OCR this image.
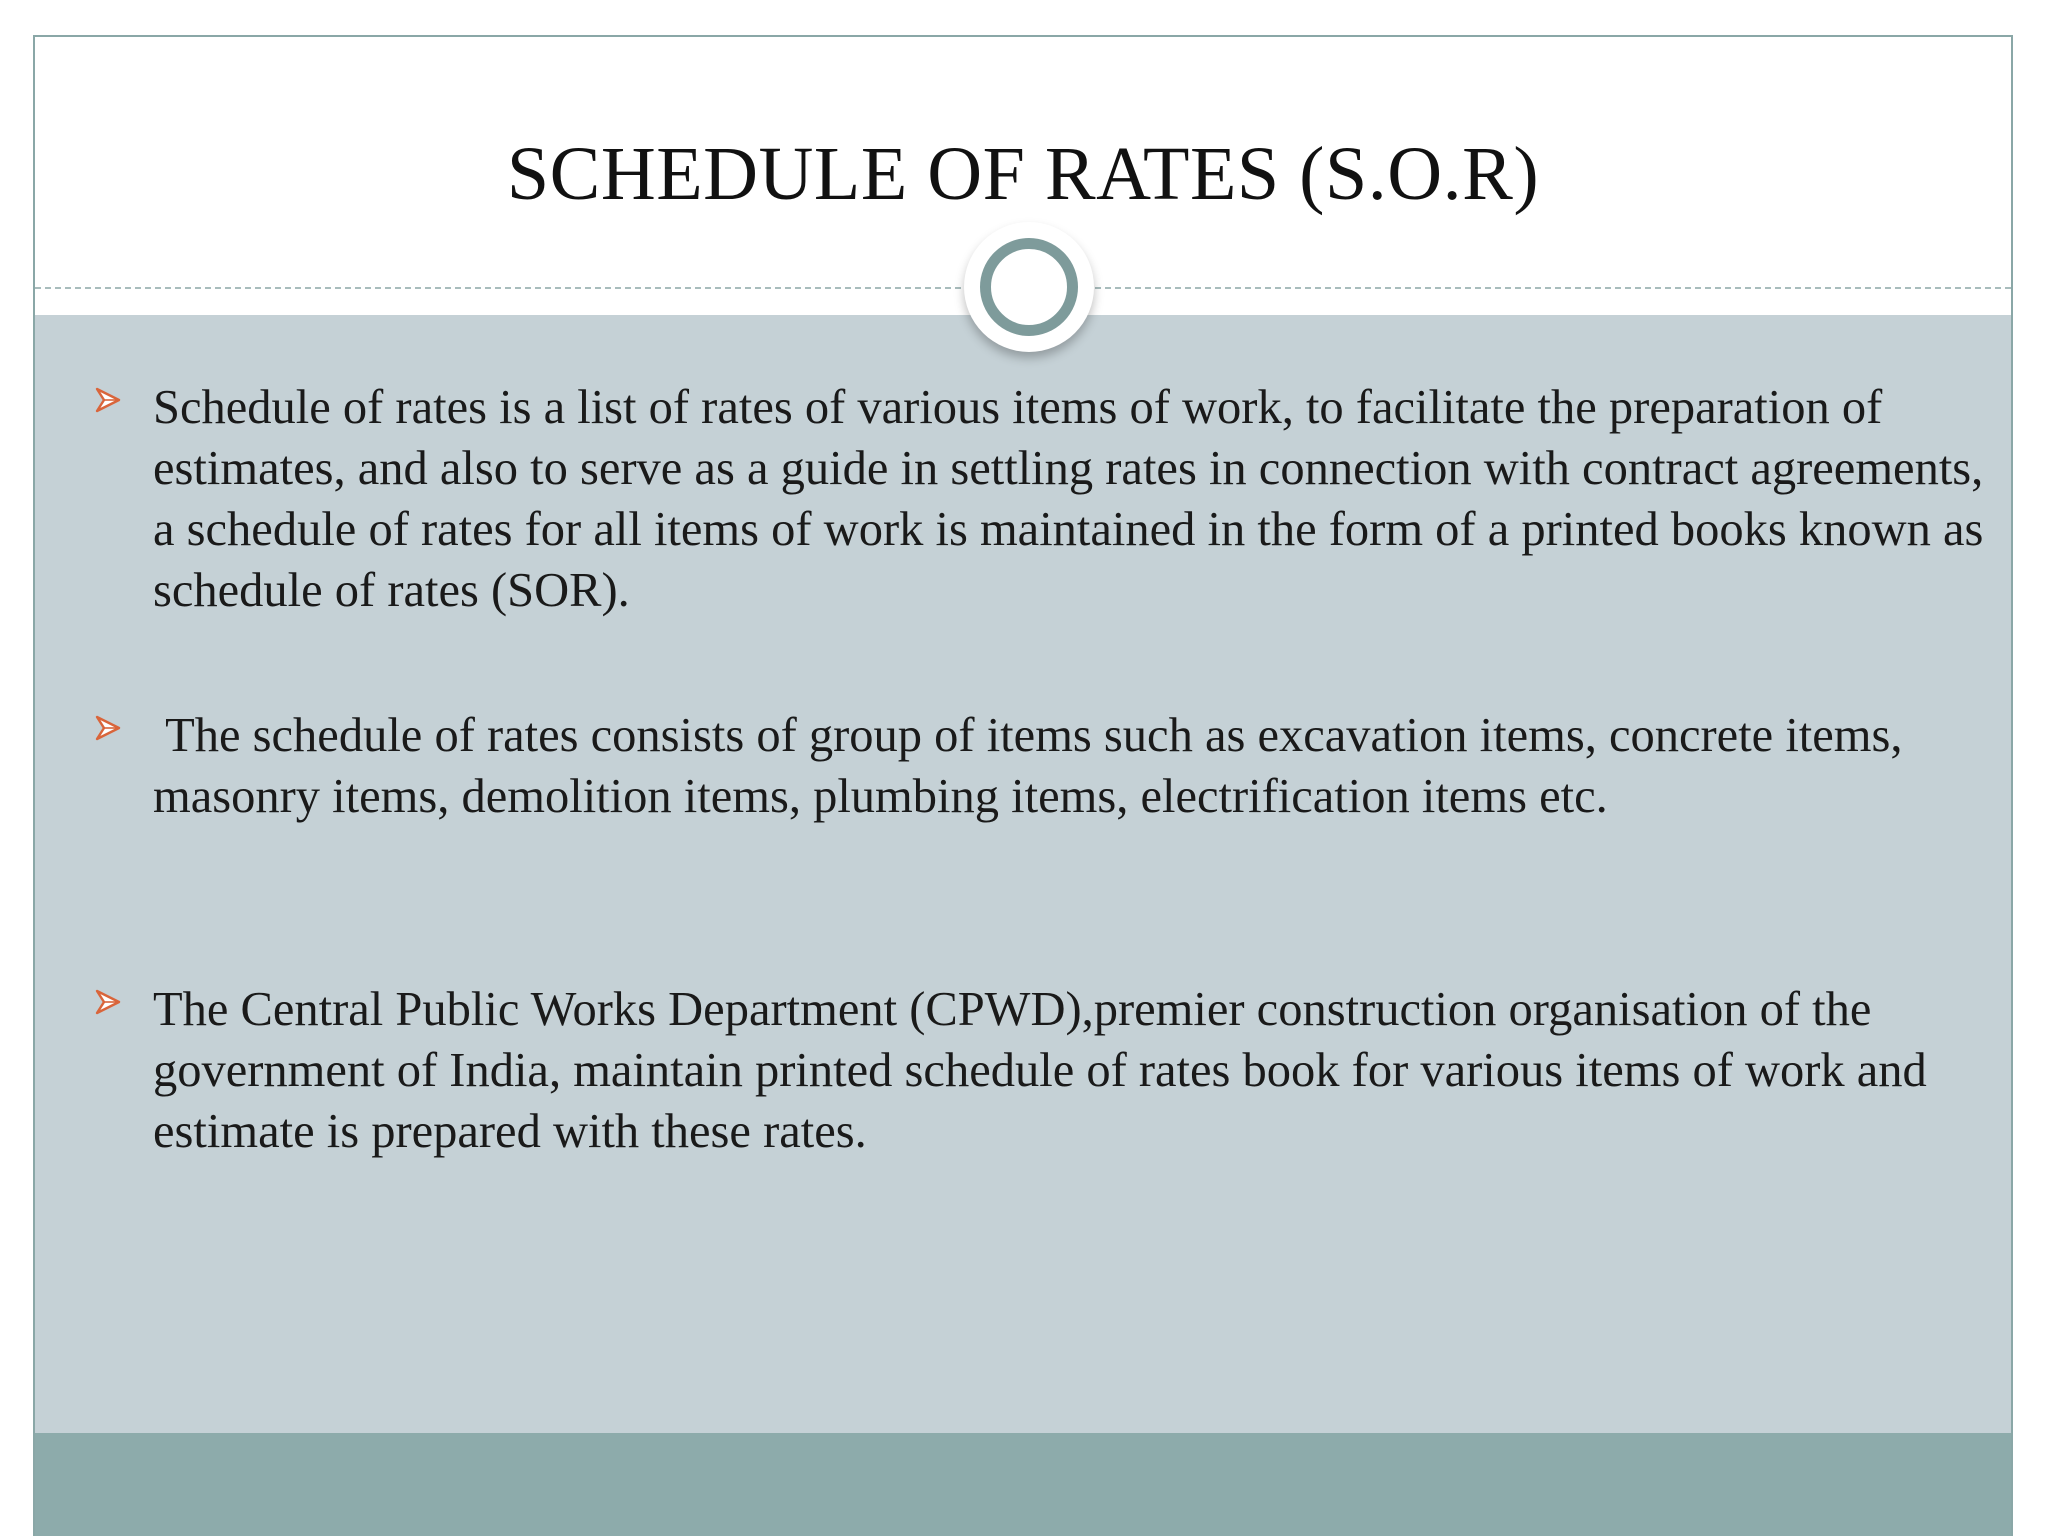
SCHEDULE OF RATES (S.O.R)
Schedule of rates is a list of rates of various items of work, to facilitate the preparation of estimates, and also to serve as a guide in settling rates in connection with contract agreements, a schedule of rates for all items of work is maintained in the form of a printed books known as schedule of rates (SOR).
The schedule of rates consists of group of items such as excavation items, concrete items, masonry items, demolition items, plumbing items, electrification items etc.
The Central Public Works Department (CPWD),premier construction organisation of the government of India, maintain printed schedule of rates book for various items of work and estimate is prepared with these rates.
